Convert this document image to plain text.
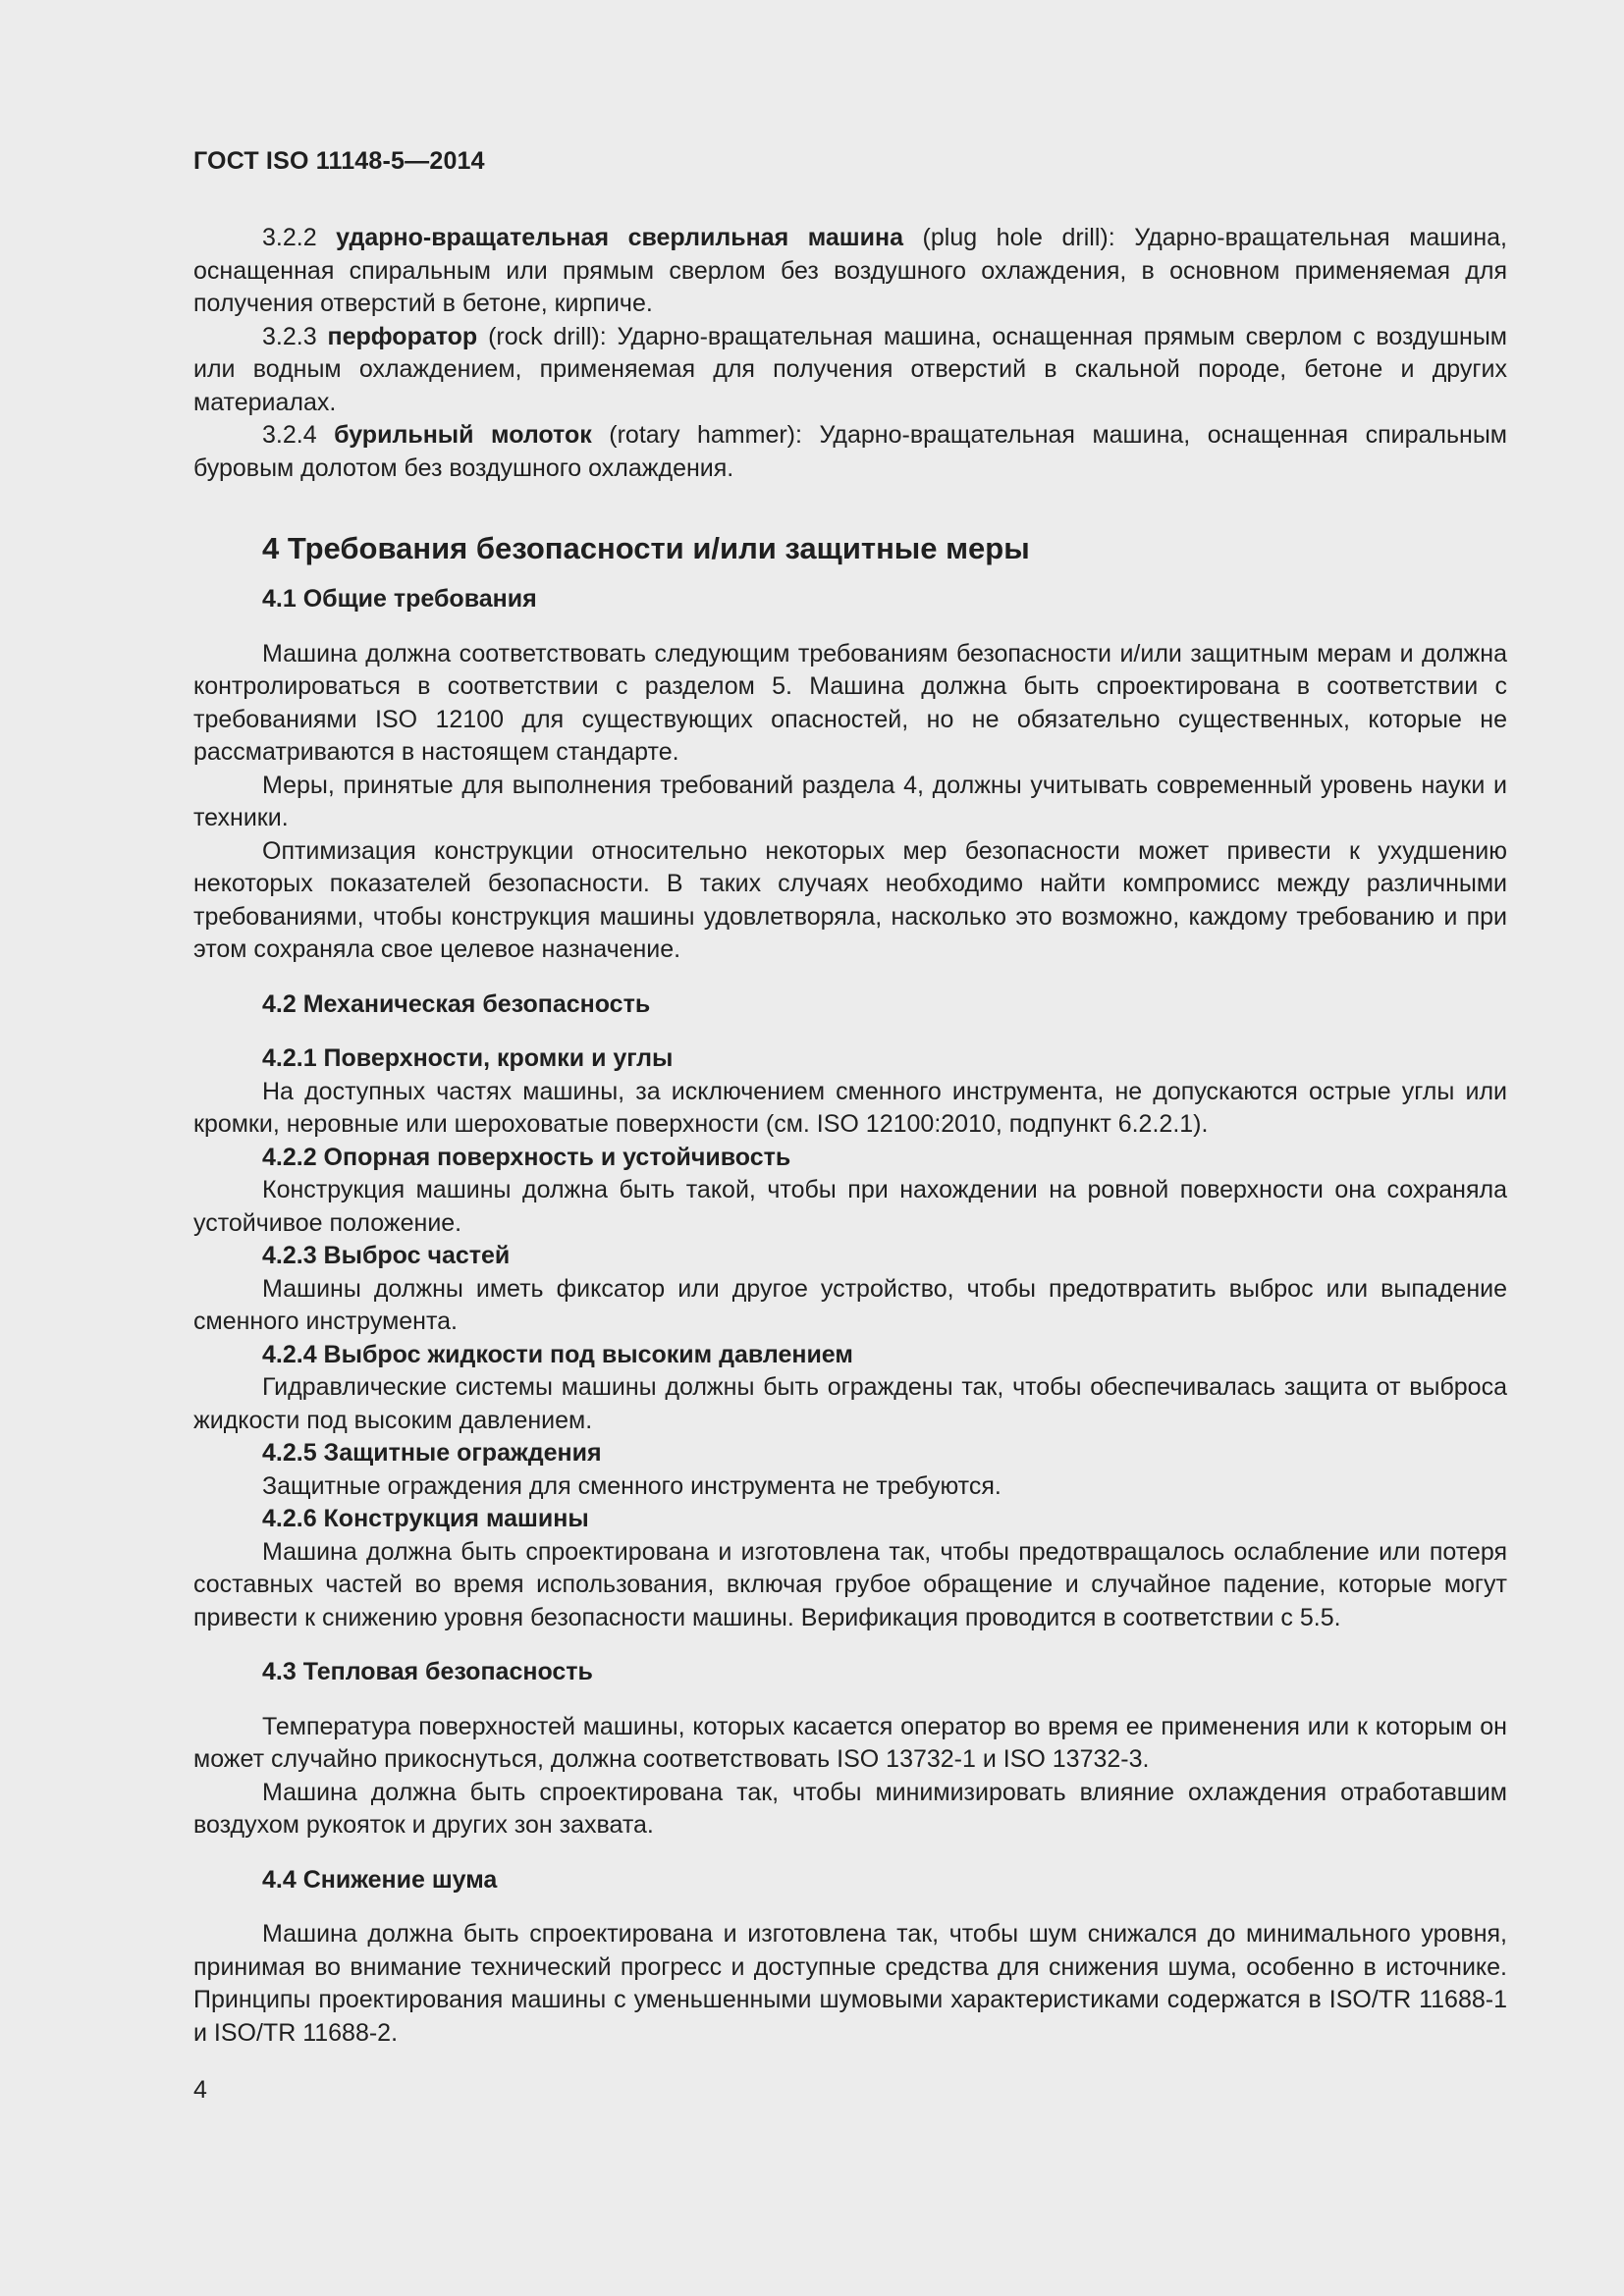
ГОСТ ISO 11148-5—2014

3.2.2 ударно-вращательная сверлильная машина (plug hole drill): Ударно-вращательная машина, оснащенная спиральным или прямым сверлом без воздушного охлаждения, в основном применяемая для получения отверстий в бетоне, кирпиче.

3.2.3 перфоратор (rock drill): Ударно-вращательная машина, оснащенная прямым сверлом с воздушным или водным охлаждением, применяемая для получения отверстий в скальной породе, бетоне и других материалах.

3.2.4 бурильный молоток (rotary hammer): Ударно-вращательная машина, оснащенная спиральным буровым долотом без воздушного охлаждения.

4 Требования безопасности и/или защитные меры
4.1 Общие требования

Машина должна соответствовать следующим требованиям безопасности и/или защитным мерам и должна контролироваться в соответствии с разделом 5. Машина должна быть спроектирована в соответствии с требованиями ISO 12100 для существующих опасностей, но не обязательно существенных, которые не рассматриваются в настоящем стандарте.

Меры, принятые для выполнения требований раздела 4, должны учитывать современный уровень науки и техники.

Оптимизация конструкции относительно некоторых мер безопасности может привести к ухудшению некоторых показателей безопасности. В таких случаях необходимо найти компромисс между различными требованиями, чтобы конструкция машины удовлетворяла, насколько это возможно, каждому требованию и при этом сохраняла свое целевое назначение.

4.2 Механическая безопасность
4.2.1 Поверхности, кромки и углы

На доступных частях машины, за исключением сменного инструмента, не допускаются острые углы или кромки, неровные или шероховатые поверхности (см. ISO 12100:2010, подпункт 6.2.2.1).

4.2.2 Опорная поверхность и устойчивость

Конструкция машины должна быть такой, чтобы при нахождении на ровной поверхности она сохраняла устойчивое положение.

4.2.3 Выброс частей

Машины должны иметь фиксатор или другое устройство, чтобы предотвратить выброс или выпадение сменного инструмента.

4.2.4 Выброс жидкости под высоким давлением

Гидравлические системы машины должны быть ограждены так, чтобы обеспечивалась защита от выброса жидкости под высоким давлением.

4.2.5 Защитные ограждения

Защитные ограждения для сменного инструмента не требуются.

4.2.6 Конструкция машины

Машина должна быть спроектирована и изготовлена так, чтобы предотвращалось ослабление или потеря составных частей во время использования, включая грубое обращение и случайное падение, которые могут привести к снижению уровня безопасности машины. Верификация проводится в соответствии с 5.5.

4.3 Тепловая безопасность

Температура поверхностей машины, которых касается оператор во время ее применения или к которым он может случайно прикоснуться, должна соответствовать ISO 13732-1 и ISO 13732-3.

Машина должна быть спроектирована так, чтобы минимизировать влияние охлаждения отработавшим воздухом рукояток и других зон захвата.

4.4 Снижение шума

Машина должна быть спроектирована и изготовлена так, чтобы шум снижался до минимального уровня, принимая во внимание технический прогресс и доступные средства для снижения шума, особенно в источнике. Принципы проектирования машины с уменьшенными шумовыми характеристиками содержатся в ISO/TR 11688-1 и ISO/TR 11688-2.

4
